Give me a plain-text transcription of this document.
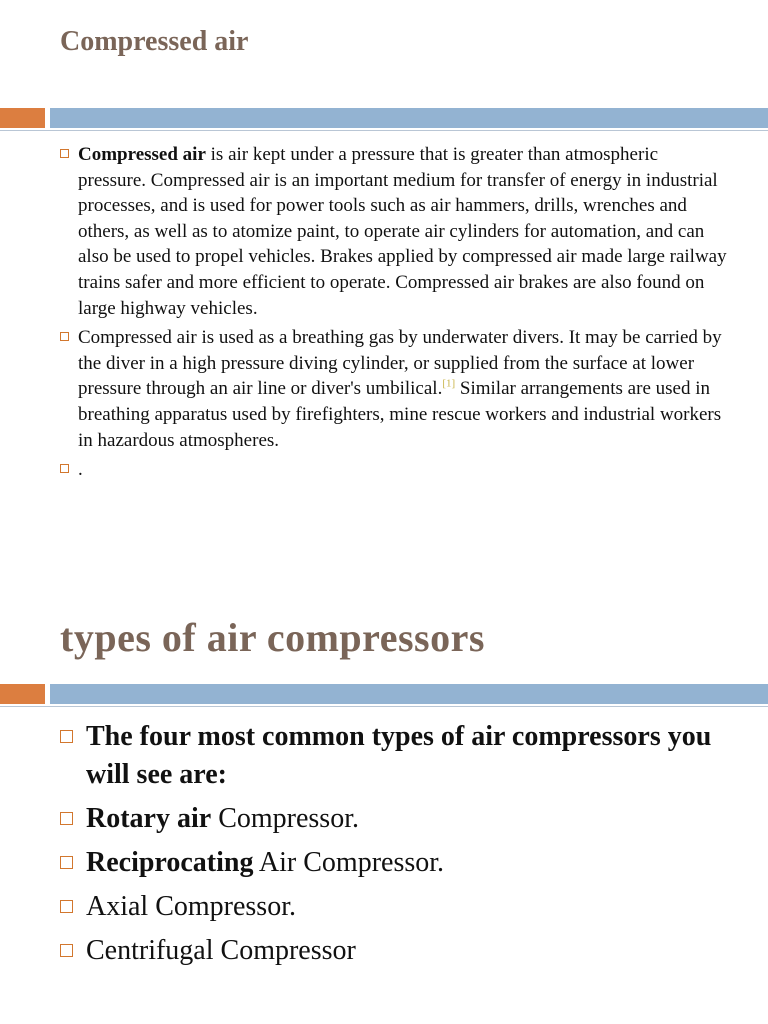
Compressed air
Compressed air is air kept under a pressure that is greater than atmospheric pressure. Compressed air is an important medium for transfer of energy in industrial processes, and is used for power tools such as air hammers, drills, wrenches and others, as well as to atomize paint, to operate air cylinders for automation, and can also be used to propel vehicles. Brakes applied by compressed air made large railway trains safer and more efficient to operate. Compressed air brakes are also found on large highway vehicles.
Compressed air is used as a breathing gas by underwater divers. It may be carried by the diver in a high pressure diving cylinder, or supplied from the surface at lower pressure through an air line or diver's umbilical.[1] Similar arrangements are used in breathing apparatus used by firefighters, mine rescue workers and industrial workers in hazardous atmospheres.
.
types of air compressors
The four most common types of air compressors you will see are:
Rotary air Compressor.
Reciprocating Air Compressor.
Axial Compressor.
Centrifugal Compressor
